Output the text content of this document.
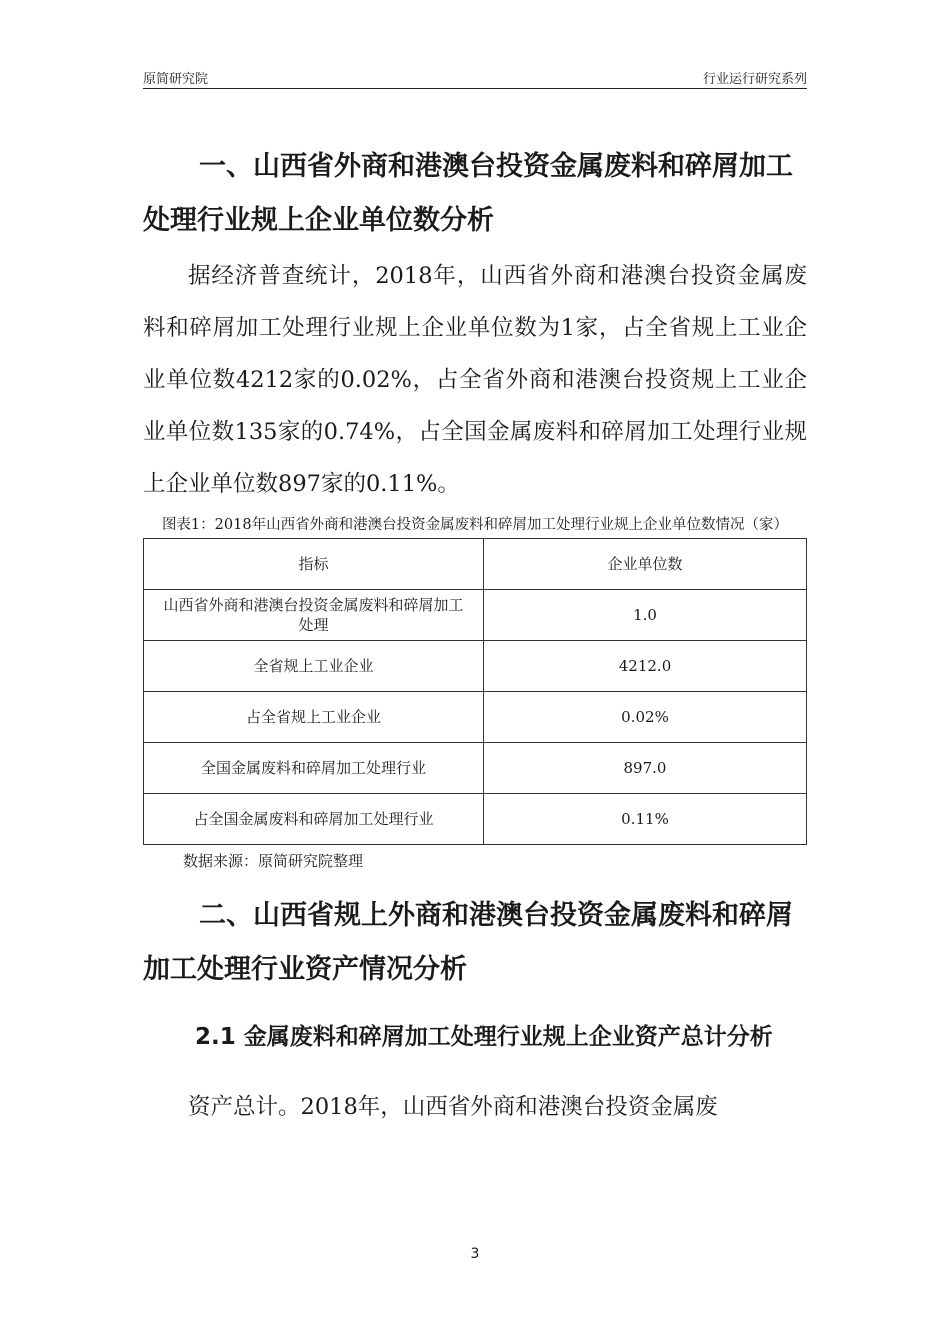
原简研究院	行业运行研究系列
一、山西省外商和港澳台投资金属废料和碎屑加工处理行业规上企业单位数分析

据经济普查统计，2018年，山西省外商和港澳台投资金属废料和碎屑加工处理行业规上企业单位数为1家，占全省规上工业企业单位数4212家的0.02%，占全省外商和港澳台投资规上工业企业单位数135家的0.74%，占全国金属废料和碎屑加工处理行业规上企业单位数897家的0.11%。

图表1：2018年山西省外商和港澳台投资金属废料和碎屑加工处理行业规上企业单位数情况（家）
指标	企业单位数
山西省外商和港澳台投资金属废料和碎屑加工处理	1.0
全省规上工业企业	4212.0
占全省规上工业企业	0.02%
全国金属废料和碎屑加工处理行业	897.0
占全国金属废料和碎屑加工处理行业	0.11%
数据来源：原简研究院整理
二、山西省规上外商和港澳台投资金属废料和碎屑加工处理行业资产情况分析
2.1 金属废料和碎屑加工处理行业规上企业资产总计分析

资产总计。2018年，山西省外商和港澳台投资金属废

3
